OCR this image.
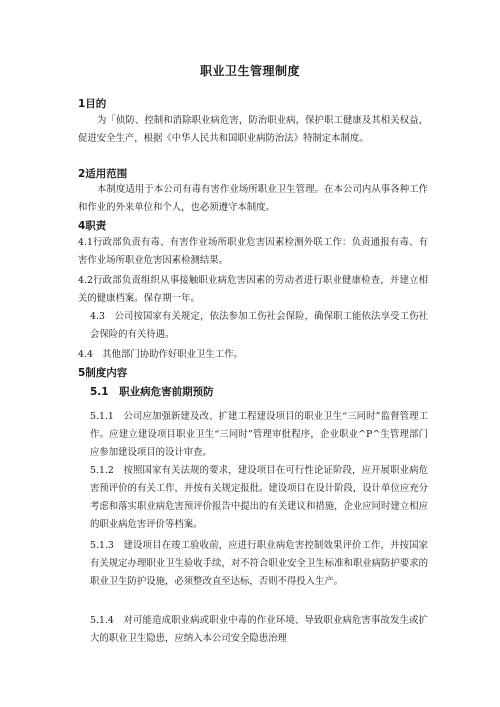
职业卫生管理制度
1目的

为「侦防、控制和消除职业病危害，防治职业病，保护职工健康及其相关权益，促进安全生产，根据《中华人民共和国职业病防治法》特制定本制度。

2适用范围

本制度适用于本公司有毒有害作业场所职业卫生管理。在本公司内从事各种工作和作业的外来单位和个人，也必须遵守本制度。

4职责

4.1行政部负责有毒、有害作业场所职业危害因素检测外联工作：负责通报有毒、有害作业场所职业危害因素检测结果。

4.2行政部负责组织从事接触职业病危害因素的劳动者进行职业健康检查，并建立相关的健康档案。保存期一年。

4.3　公司按国家有关规定，依法参加工伤社会保险，确保职工能依法享受工伤社会保险的有关待遇。

4.4　其他部门协助作好职业卫生工作。

5制度内容
5.1　职业病危害前期预防

5.1.1　公司应加强新建及改、扩建工程建设项目的职业卫生“三同时”监督管理工作。应建立建设项目职业卫生“三同时”管理审批程序，企业职业^P^生管理部门应参加建设项目的设计审查。

5.1.2　按照国家有关法规的要求，建设项目在可行性论证阶段，应开展职业病危害预评价的有关工作，并按有关规定报批。建设项目在设计阶段，设计单位应充分考虑和落实职业病危害预评价报告中提出的有关建议和措施，企业应同时建立相应的职业病危害评价等档案。

5.1.3　建设项目在竣工验收前，应进行职业病危害控制效果评价工作，并按国家有关规定办理职业卫生验收手续，对不符合职业安全卫生标准和职业病防护要求的职业卫生防护设施，必须整改直至达标，否则不得投入生产。

5.1.4　对可能造成职业病或职业中毒的作业环境、导致职业病危害事故发生或扩大的职业卫生隐患，应纳入本公司安全隐患治理
